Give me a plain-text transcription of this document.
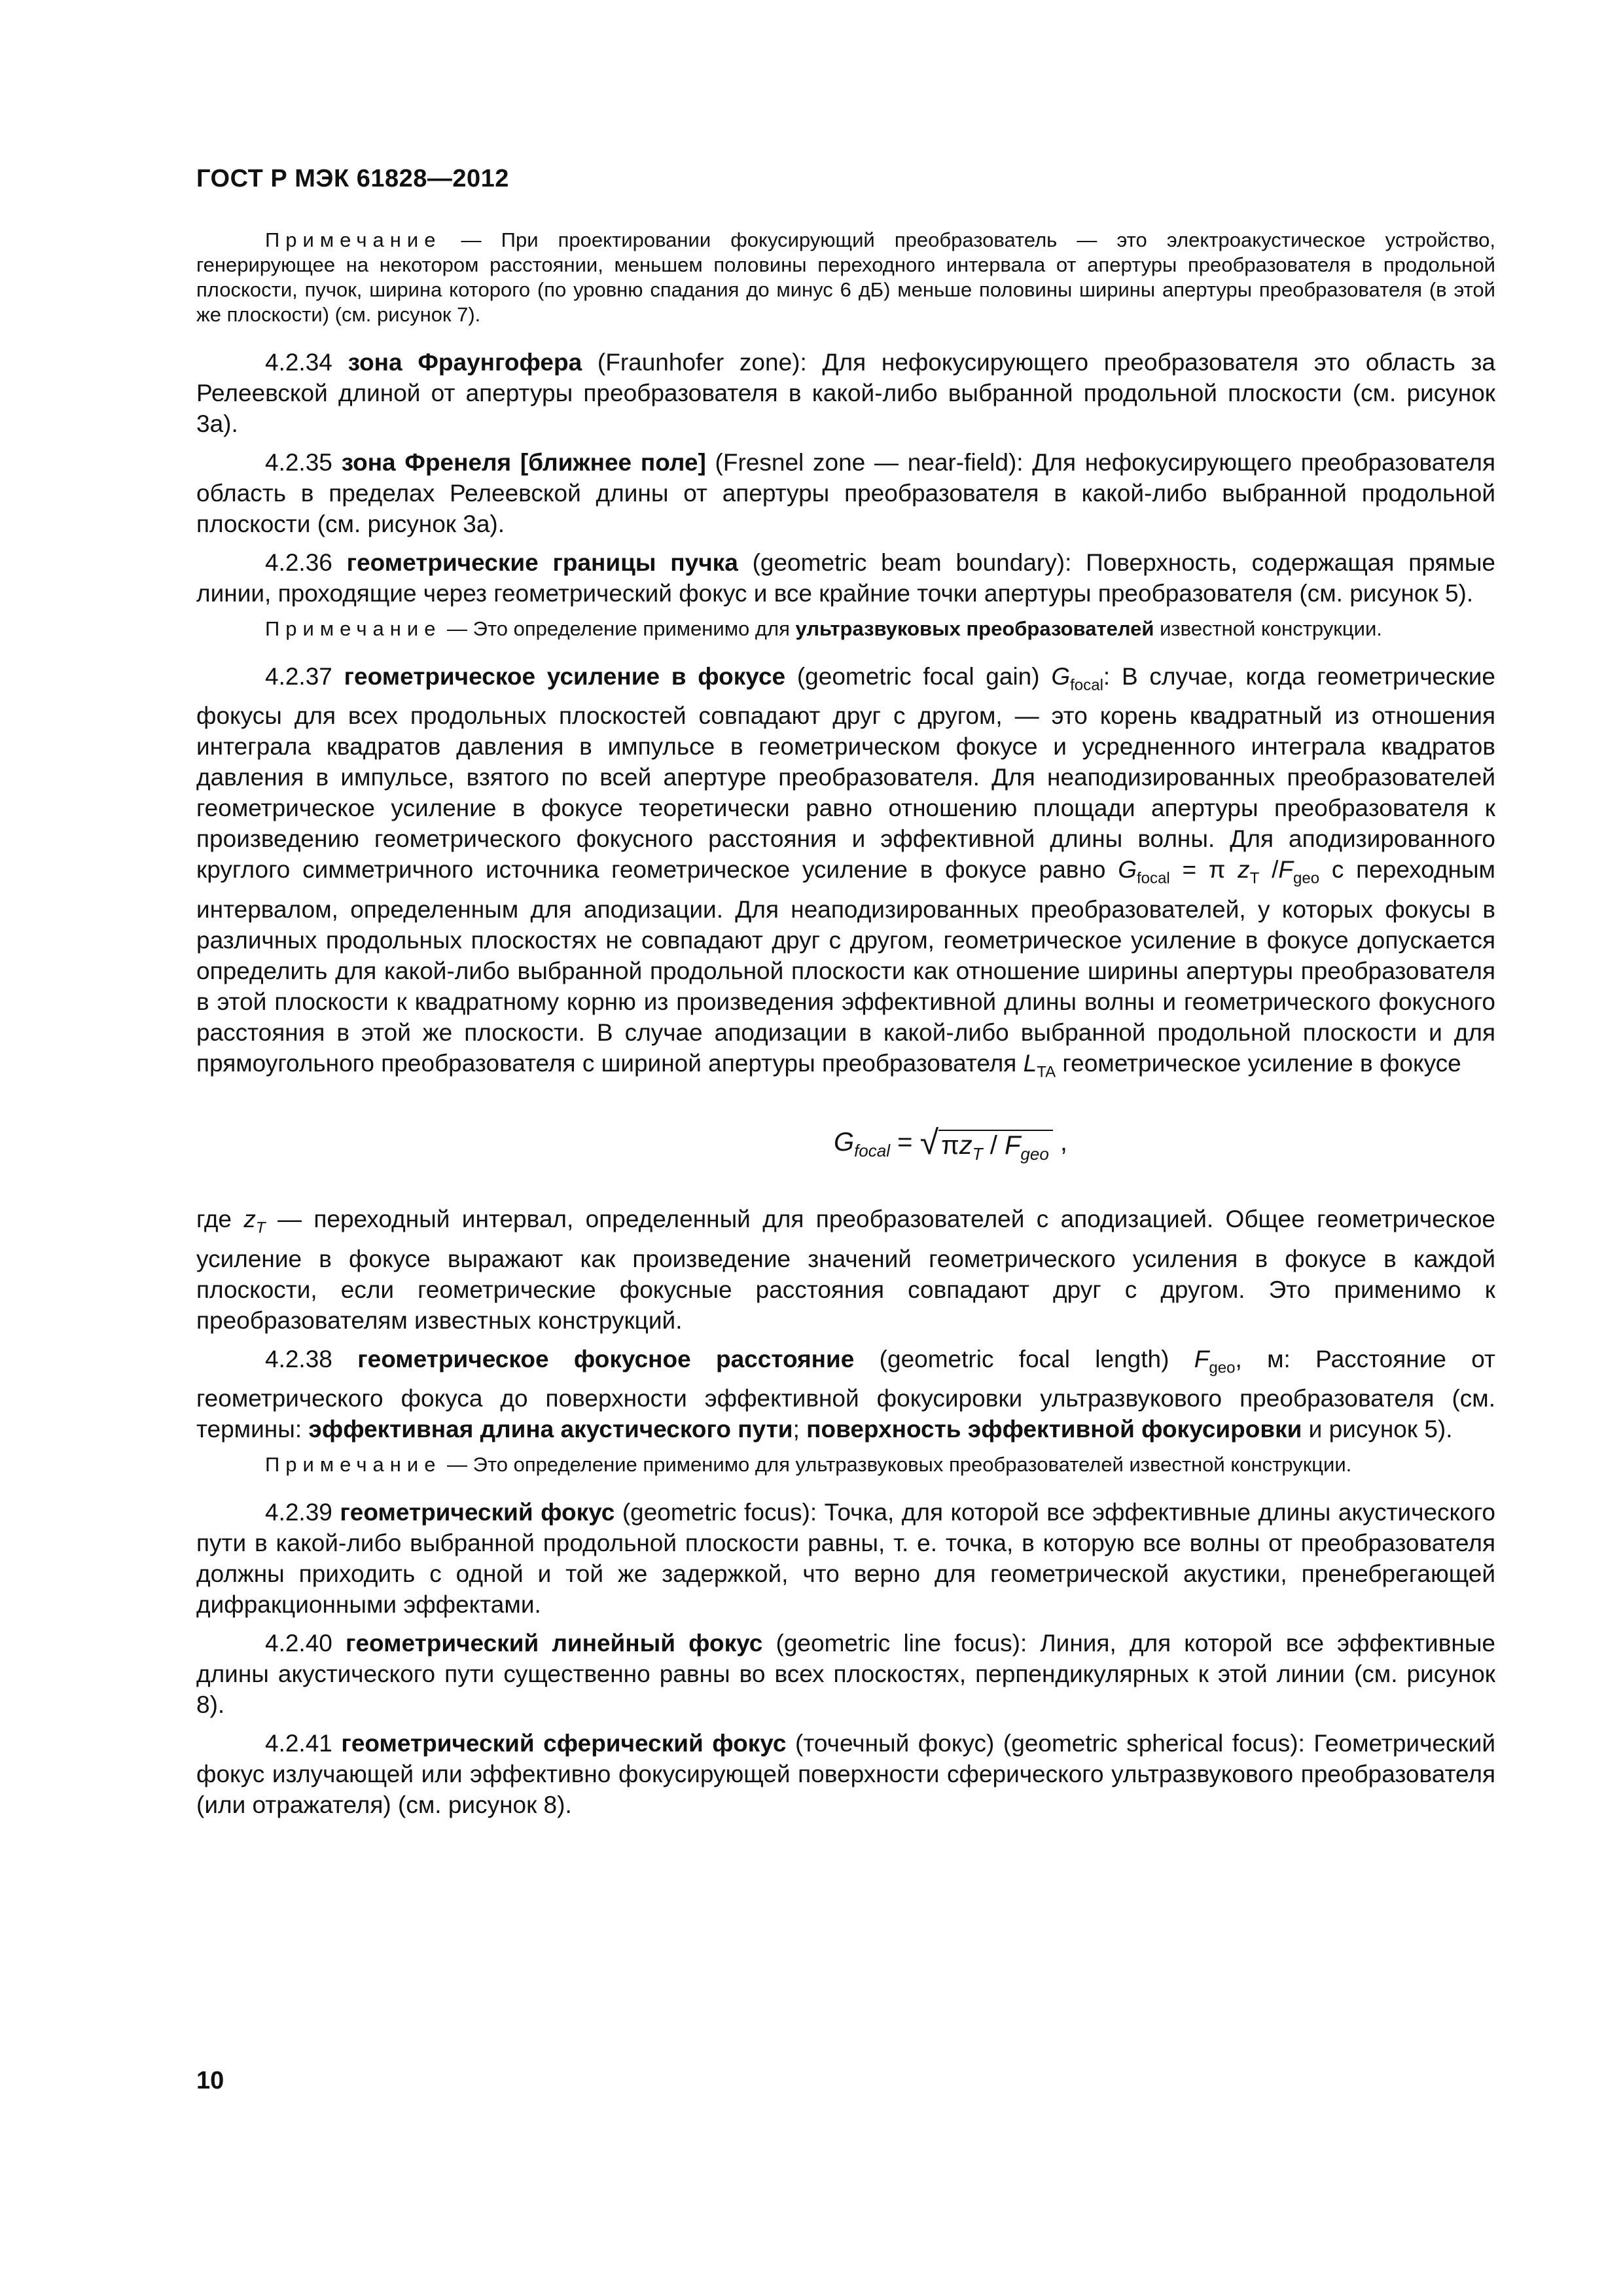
ГОСТ Р МЭК 61828—2012

Примечание — При проектировании фокусирующий преобразователь — это электроакустическое устройство, генерирующее на некотором расстоянии, меньшем половины переходного интервала от апертуры преобразователя в продольной плоскости, пучок, ширина которого (по уровню спадания до минус 6 дБ) меньше половины ширины апертуры преобразователя (в этой же плоскости) (см. рисунок 7).

4.2.34 зона Фраунгофера (Fraunhofer zone): Для нефокусирующего преобразователя это область за Релеевской длиной от апертуры преобразователя в какой-либо выбранной продольной плоскости (см. рисунок 3а).

4.2.35 зона Френеля [ближнее поле] (Fresnel zone — near-field): Для нефокусирующего преобразователя область в пределах Релеевской длины от апертуры преобразователя в какой-либо выбранной продольной плоскости (см. рисунок 3а).

4.2.36 геометрические границы пучка (geometric beam boundary): Поверхность, содержащая прямые линии, проходящие через геометрический фокус и все крайние точки апертуры преобразователя (см. рисунок 5).

Примечание — Это определение применимо для ультразвуковых преобразователей известной конструкции.

4.2.37 геометрическое усиление в фокусе (geometric focal gain) $G_{focal}$: В случае, когда геометрические фокусы для всех продольных плоскостей совпадают друг с другом, — это корень квадратный из отношения интеграла квадратов давления в импульсе в геометрическом фокусе и усредненного интеграла квадратов давления в импульсе, взятого по всей апертуре преобразователя. Для неаподизированных преобразователей геометрическое усиление в фокусе теоретически равно отношению площади апертуры преобразователя к произведению геометрического фокусного расстояния и эффективной длины волны. Для аподизированного круглого симметричного источника геометрическое усиление в фокусе равно $G_{focal} = \pi$ $z_T$ $/F_{geo}$ с переходным интервалом, определенным для аподизации. Для неаподизированных преобразователей, у которых фокусы в различных продольных плоскостях не совпадают друг с другом, геометрическое усиление в фокусе допускается определить для какой-либо выбранной продольной плоскости как отношение ширины апертуры преобразователя в этой плоскости к квадратному корню из произведения эффективной длины волны и геометрического фокусного расстояния в этой же плоскости. В случае аподизации в какой-либо выбранной продольной плоскости и для прямоугольного преобразователя с шириной апертуры преобразователя $L_{TA}$ геометрическое усиление в фокусе

$G_{focal}$ = √ $\pi z_T / F_{geo}$ ,

где $z_T$ — переходный интервал, определенный для преобразователей с аподизацией. Общее геометрическое усиление в фокусе выражают как произведение значений геометрического усиления в фокусе в каждой плоскости, если геометрические фокусные расстояния совпадают друг с другом. Это применимо к преобразователям известных конструкций.

4.2.38 геометрическое фокусное расстояние (geometric focal length) $F_{geo}$, м: Расстояние от геометрического фокуса до поверхности эффективной фокусировки ультразвукового преобразователя (см. термины: эффективная длина акустического пути; поверхность эффективной фокусировки и рисунок 5).

Примечание — Это определение применимо для ультразвуковых преобразователей известной конструкции.

4.2.39 геометрический фокус (geometric focus): Точка, для которой все эффективные длины акустического пути в какой-либо выбранной продольной плоскости равны, т. е. точка, в которую все волны от преобразователя должны приходить с одной и той же задержкой, что верно для геометрической акустики, пренебрегающей дифракционными эффектами.

4.2.40 геометрический линейный фокус (geometric line focus): Линия, для которой все эффективные длины акустического пути существенно равны во всех плоскостях, перпендикулярных к этой линии (см. рисунок 8).

4.2.41 геометрический сферический фокус (точечный фокус) (geometric spherical focus): Геометрический фокус излучающей или эффективно фокусирующей поверхности сферического ультразвукового преобразователя (или отражателя) (см. рисунок 8).

10
